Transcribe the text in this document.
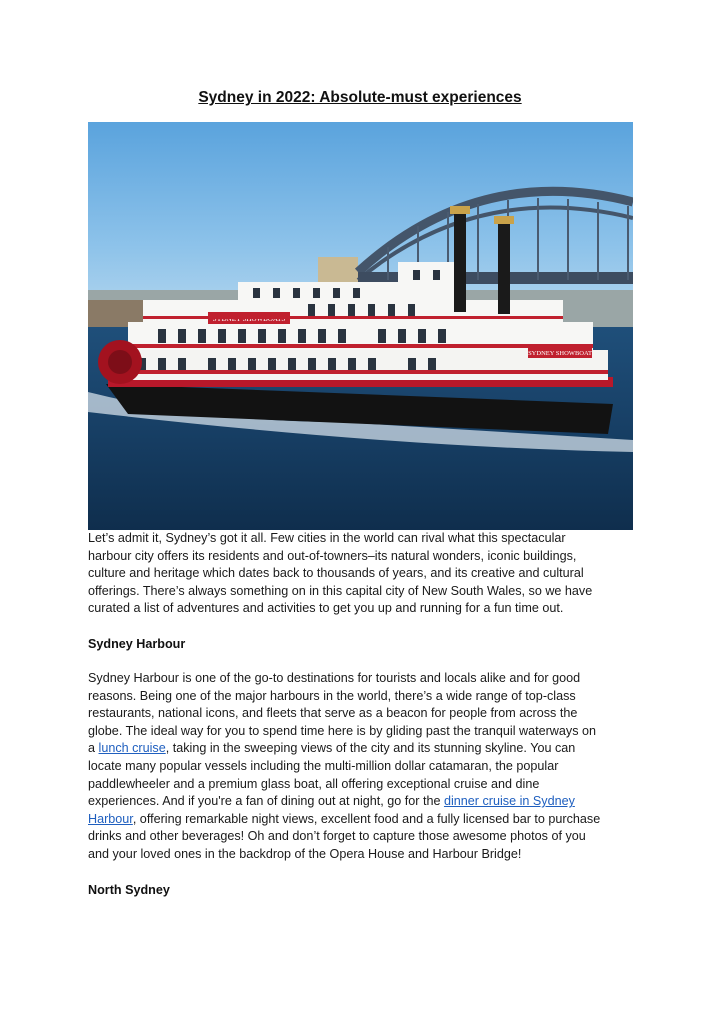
Sydney in 2022: Absolute-must experiences
SYDNEY SHOWBOAT
Let’s admit it, Sydney’s got it all. Few cities in the world can rival what this spectacular
harbour city offers its residents and out-of-towners–its natural wonders, iconic buildings,
culture and heritage which dates back to thousands of years, and its creative and cultural
offerings. There’s always something on in this capital city of New South Wales, so we have
curated a list of adventures and activities to get you up and running for a fun time out.
Sydney Harbour
Sydney Harbour is one of the go-to destinations for tourists and locals alike and for good
reasons. Being one of the major harbours in the world, there’s a wide range of top-class
restaurants, national icons, and fleets that serve as a beacon for people from across the
globe. The ideal way for you to spend time here is by gliding past the tranquil waterways on
a lunch cruise, taking in the sweeping views of the city and its stunning skyline. You can
locate many popular vessels including the multi-million dollar catamaran, the popular
paddlewheeler and a premium glass boat, all offering exceptional cruise and dine
experiences. And if you're a fan of dining out at night, go for the dinner cruise in Sydney
Harbour, offering remarkable night views, excellent food and a fully licensed bar to purchase
drinks and other beverages! Oh and don’t forget to capture those awesome photos of you
and your loved ones in the backdrop of the Opera House and Harbour Bridge!
North Sydney
